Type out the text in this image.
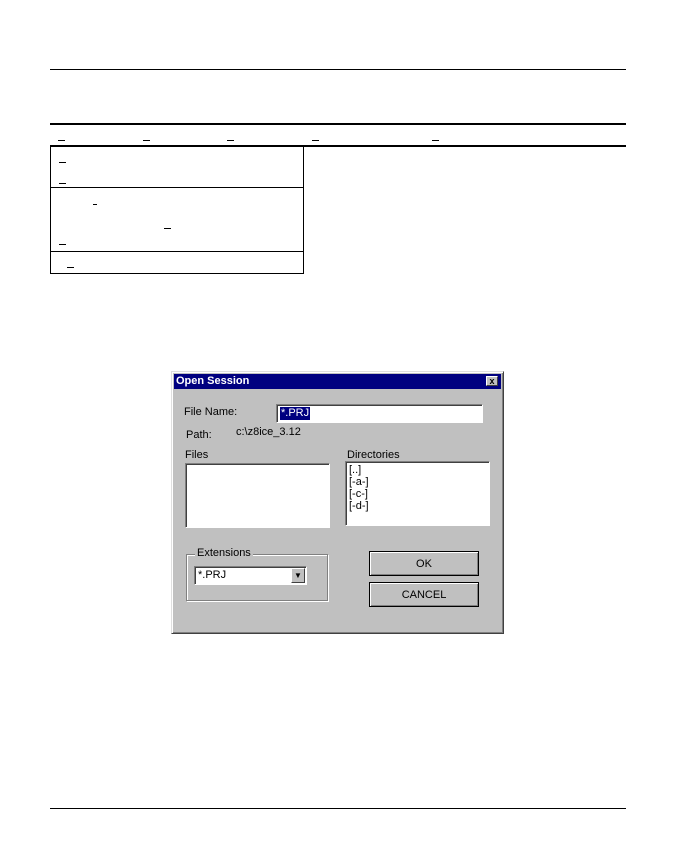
Open Session	x
File Name:	*.PRJ
Path: c:\z8ice_3.12
Files	Directories
[..]
[-a-]
[-c-]
[-d-]
Extensions
*.PRJ	▼
OK
CANCEL
